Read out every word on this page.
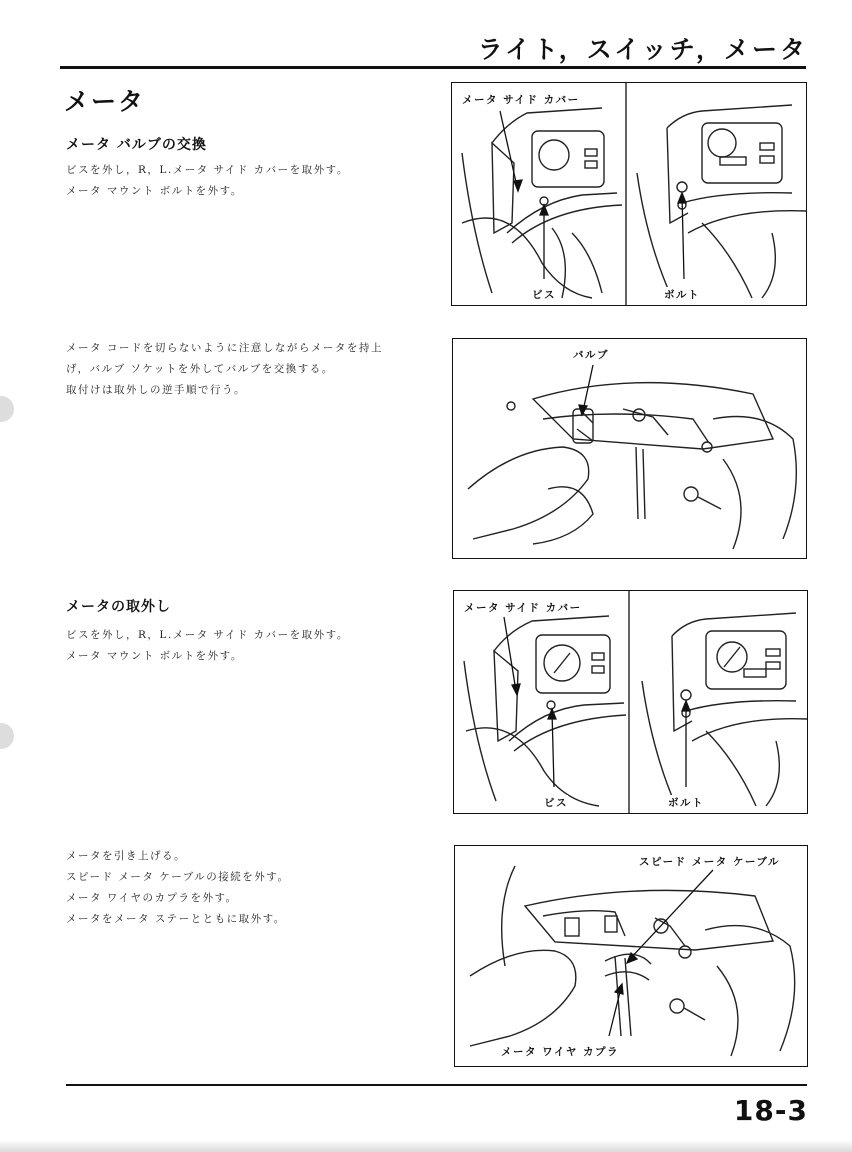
ライト，スイッチ，メータ
メータ
メータ バルブの交換
ビスを外し，R，L.メータ サイド カバーを取外す。
メータ マウント ボルトを外す。
メータ コードを切らないように注意しながらメータを持上
げ，バルブ ソケットを外してバルブを交換する。
取付けは取外しの逆手順で行う。
メータの取外し
ビスを外し，R，L.メータ サイド カバーを取外す。
メータ マウント ボルトを外す。
メータを引き上げる。
スピード メータ ケーブルの接続を外す。
メータ ワイヤのカプラを外す。
メータをメータ ステーとともに取外す。
メータ サイド カバー
ビス	ボルト
バルブ
メータ サイド カバー
ビス	ボルト
スピード メータ ケーブル
メータ ワイヤ カプラ
18-3
